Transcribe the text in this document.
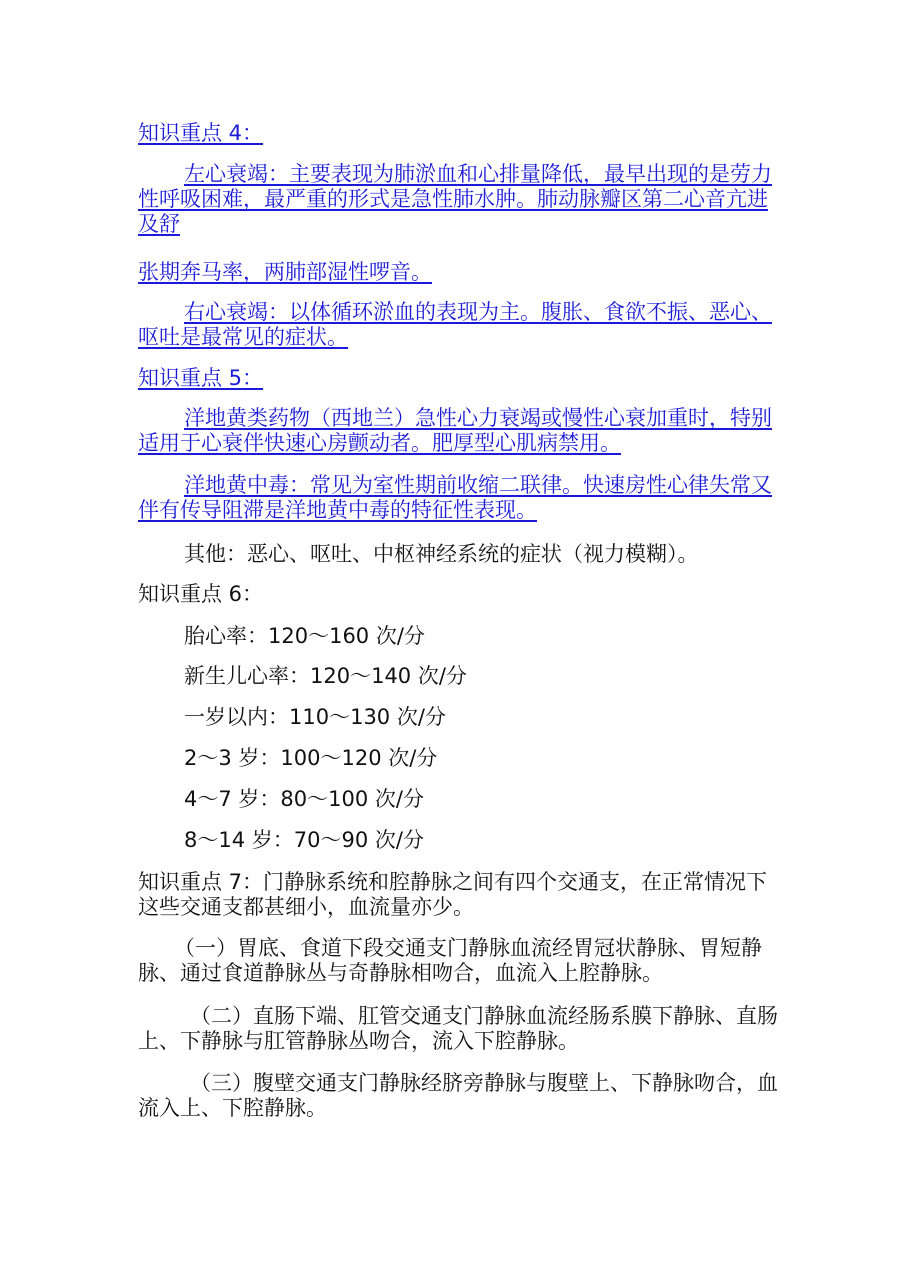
知识重点 4：

左心衰竭：主要表现为肺淤血和心排量降低，最早出现的是劳力性呼吸困难，最严重的形式是急性肺水肿。肺动脉瓣区第二心音亢进及舒

张期奔马率，两肺部湿性啰音。

右心衰竭：以体循环淤血的表现为主。腹胀、食欲不振、恶心、呕吐是最常见的症状。

知识重点 5：

洋地黄类药物（西地兰）急性心力衰竭或慢性心衰加重时，特别适用于心衰伴快速心房颤动者。肥厚型心肌病禁用。

洋地黄中毒：常见为室性期前收缩二联律。快速房性心律失常又伴有传导阻滞是洋地黄中毒的特征性表现。

其他：恶心、呕吐、中枢神经系统的症状（视力模糊）。

知识重点 6：

胎心率：120～160 次/分

新生儿心率：120～140 次/分

一岁以内：110～130 次/分

2～3 岁：100～120 次/分

4～7 岁：80～100 次/分

8～14 岁：70～90 次/分

知识重点 7：门静脉系统和腔静脉之间有四个交通支，在正常情况下这些交通支都甚细小，血流量亦少。

（一）胃底、食道下段交通支门静脉血流经胃冠状静脉、胃短静脉、通过食道静脉丛与奇静脉相吻合，血流入上腔静脉。

（二）直肠下端、肛管交通支门静脉血流经肠系膜下静脉、直肠上、下静脉与肛管静脉丛吻合，流入下腔静脉。

（三）腹壁交通支门静脉经脐旁静脉与腹壁上、下静脉吻合，血流入上、下腔静脉。
